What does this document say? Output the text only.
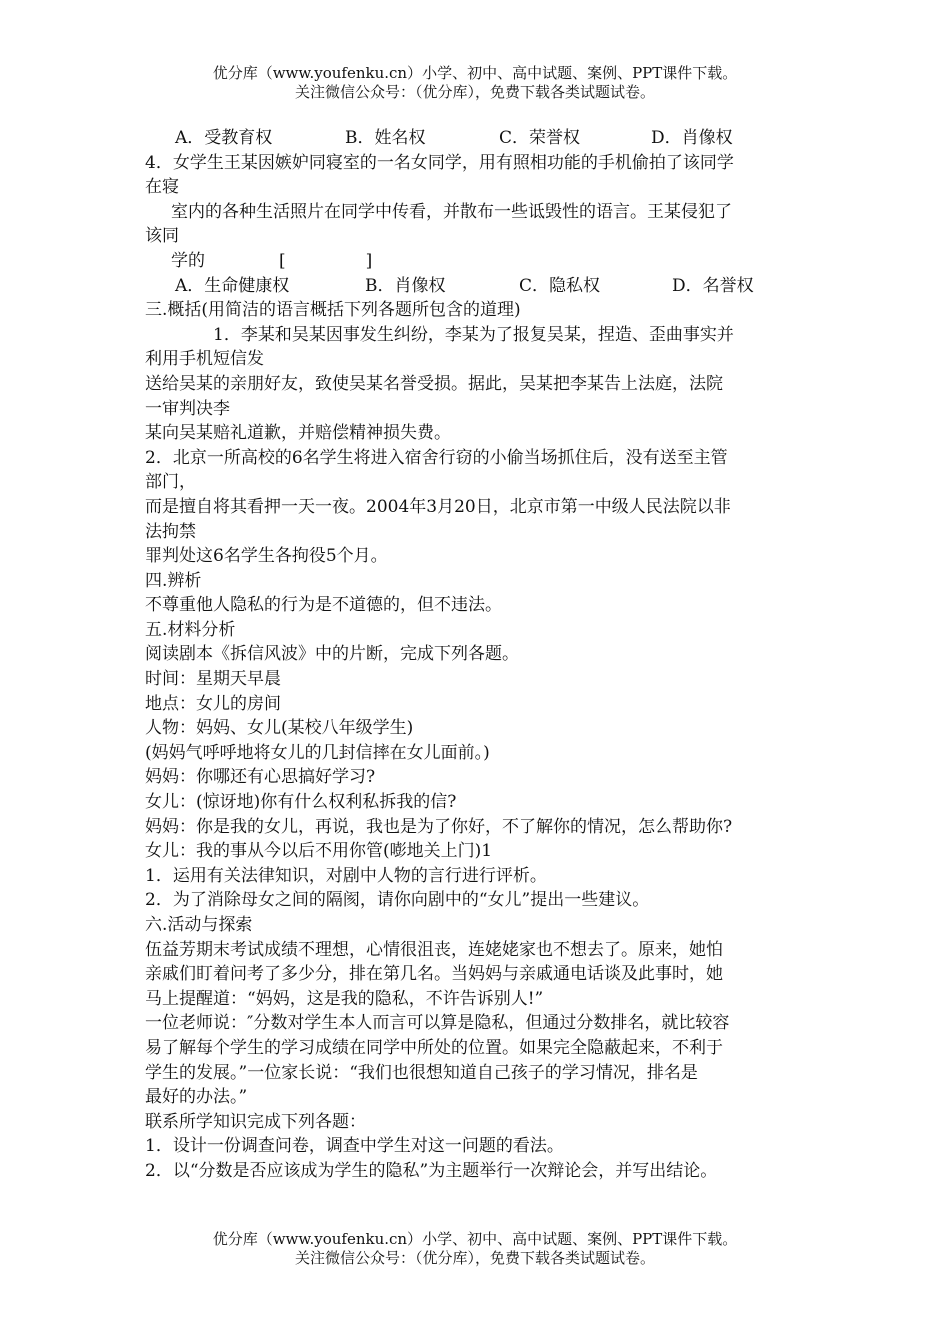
优分库（www.youfenku.cn）小学、初中、高中试题、案例、PPT课件下载。
关注微信公众号：（优分库），免费下载各类试题试卷。
A．受教育权	B．姓名权	C．荣誉权	D．肖像权
4．女学生王某因嫉妒同寝室的一名女同学，用有照相功能的手机偷拍了该同学
在寝
室内的各种生活照片在同学中传看，并散布一些诋毁性的语言。王某侵犯了
该同
学的	[	]
A．生命健康权	B．肖像权	C．隐私权	D．名誉权
三.概括(用简洁的语言概括下列各题所包含的道理)
1．李某和吴某因事发生纠纷，李某为了报复吴某，捏造、歪曲事实并
利用手机短信发
送给吴某的亲朋好友，致使吴某名誉受损。据此，吴某把李某告上法庭，法院
一审判决李
某向吴某赔礼道歉，并赔偿精神损失费。
2．北京一所高校的6名学生将进入宿舍行窃的小偷当场抓住后，没有送至主管
部门，
而是擅自将其看押一天一夜。2004年3月20日，北京市第一中级人民法院以非
法拘禁
罪判处这6名学生各拘役5个月。
四.辨析
不尊重他人隐私的行为是不道德的，但不违法。
五.材料分析
阅读剧本《拆信风波》中的片断，完成下列各题。
时间：星期天早晨
地点：女儿的房间
人物：妈妈、女儿(某校八年级学生)
(妈妈气呼呼地将女儿的几封信摔在女儿面前。)
妈妈：你哪还有心思搞好学习?
女儿：(惊讶地)你有什么权利私拆我的信?
妈妈：你是我的女儿，再说，我也是为了你好，不了解你的情况，怎么帮助你?
女儿：我的事从今以后不用你管(嘭地关上门)1
1．运用有关法律知识，对剧中人物的言行进行评析。
2．为了消除母女之间的隔阂，请你向剧中的“女儿”提出一些建议。
六.活动与探索
伍益芳期末考试成绩不理想，心情很沮丧，连姥姥家也不想去了。原来，她怕
亲戚们盯着问考了多少分，排在第几名。当妈妈与亲戚通电话谈及此事时，她
马上提醒道：“妈妈，这是我的隐私，不许告诉别人!”
一位老师说：″分数对学生本人而言可以算是隐私，但通过分数排名，就比较容
易了解每个学生的学习成绩在同学中所处的位置。如果完全隐蔽起来，不利于
学生的发展。”一位家长说：“我们也很想知道自己孩子的学习情况，排名是
最好的办法。”
联系所学知识完成下列各题：
1．设计一份调查问卷，调查中学生对这一问题的看法。
2．以“分数是否应该成为学生的隐私”为主题举行一次辩论会，并写出结论。
优分库（www.youfenku.cn）小学、初中、高中试题、案例、PPT课件下载。
关注微信公众号：（优分库），免费下载各类试题试卷。
